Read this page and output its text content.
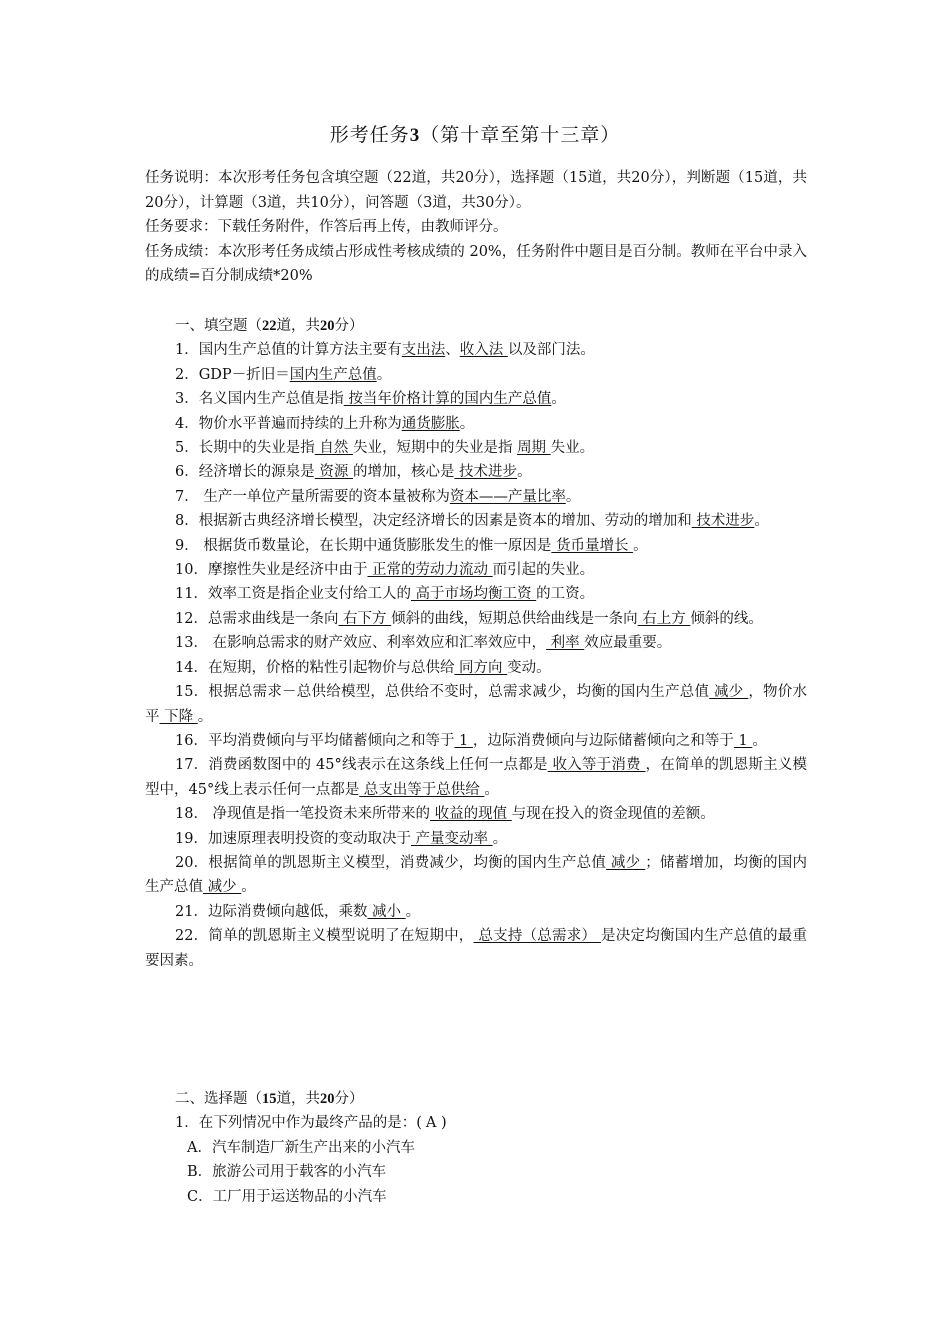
形考任务3（第十章至第十三章）

任务说明：本次形考任务包含填空题（22道，共20分），选择题（15道，共20分），判断题（15道，共20分），计算题（3道，共10分），问答题（3道，共30分）。

任务要求：下载任务附件，作答后再上传，由教师评分。

任务成绩：本次形考任务成绩占形成性考核成绩的 20%，任务附件中题目是百分制。教师在平台中录入的成绩=百分制成绩*20%

一、填空题（22道，共20分）

1．国内生产总值的计算方法主要有支出法、收入法 以及部门法。

2．GDP－折旧＝国内生产总值。

3．名义国内生产总值是指 按当年价格计算的国内生产总值。

4．物价水平普遍而持续的上升称为通货膨胀。

5．长期中的失业是指 自然 失业，短期中的失业是指 周期 失业。

6．经济增长的源泉是 资源 的增加，核心是 技术进步。

7． 生产一单位产量所需要的资本量被称为资本——产量比率。

8．根据新古典经济增长模型，决定经济增长的因素是资本的增加、劳动的增加和 技术进步。

9． 根据货币数量论，在长期中通货膨胀发生的惟一原因是 货币量增长 。

10．摩擦性失业是经济中由于 正常的劳动力流动 而引起的失业。

11．效率工资是指企业支付给工人的 高于市场均衡工资 的工资。

12．总需求曲线是一条向 右下方 倾斜的曲线，短期总供给曲线是一条向 右上方 倾斜的线。

13． 在影响总需求的财产效应、利率效应和汇率效应中， 利率 效应最重要。

14．在短期，价格的粘性引起物价与总供给 同方向 变动。

15．根据总需求－总供给模型，总供给不变时，总需求减少，均衡的国内生产总值 减少 ，物价水平 下降 。

16．平均消费倾向与平均储蓄倾向之和等于 1 ，边际消费倾向与边际储蓄倾向之和等于 1 。

17．消费函数图中的 45°线表示在这条线上任何一点都是 收入等于消费 ，在简单的凯恩斯主义模型中，45°线上表示任何一点都是 总支出等于总供给 。

18． 净现值是指一笔投资未来所带来的 收益的现值 与现在投入的资金现值的差额。

19．加速原理表明投资的变动取决于 产量变动率 。

20．根据简单的凯恩斯主义模型，消费减少，均衡的国内生产总值 减少 ；储蓄增加，均衡的国内生产总值 减少 。

21．边际消费倾向越低，乘数 减小 。

22．简单的凯恩斯主义模型说明了在短期中， 总支持（总需求） 是决定均衡国内生产总值的最重要因素。

二、选择题（15道，共20分）

1．在下列情况中作为最终产品的是：( A )

A．汽车制造厂新生产出来的小汽车

B．旅游公司用于载客的小汽车

C．工厂用于运送物品的小汽车
